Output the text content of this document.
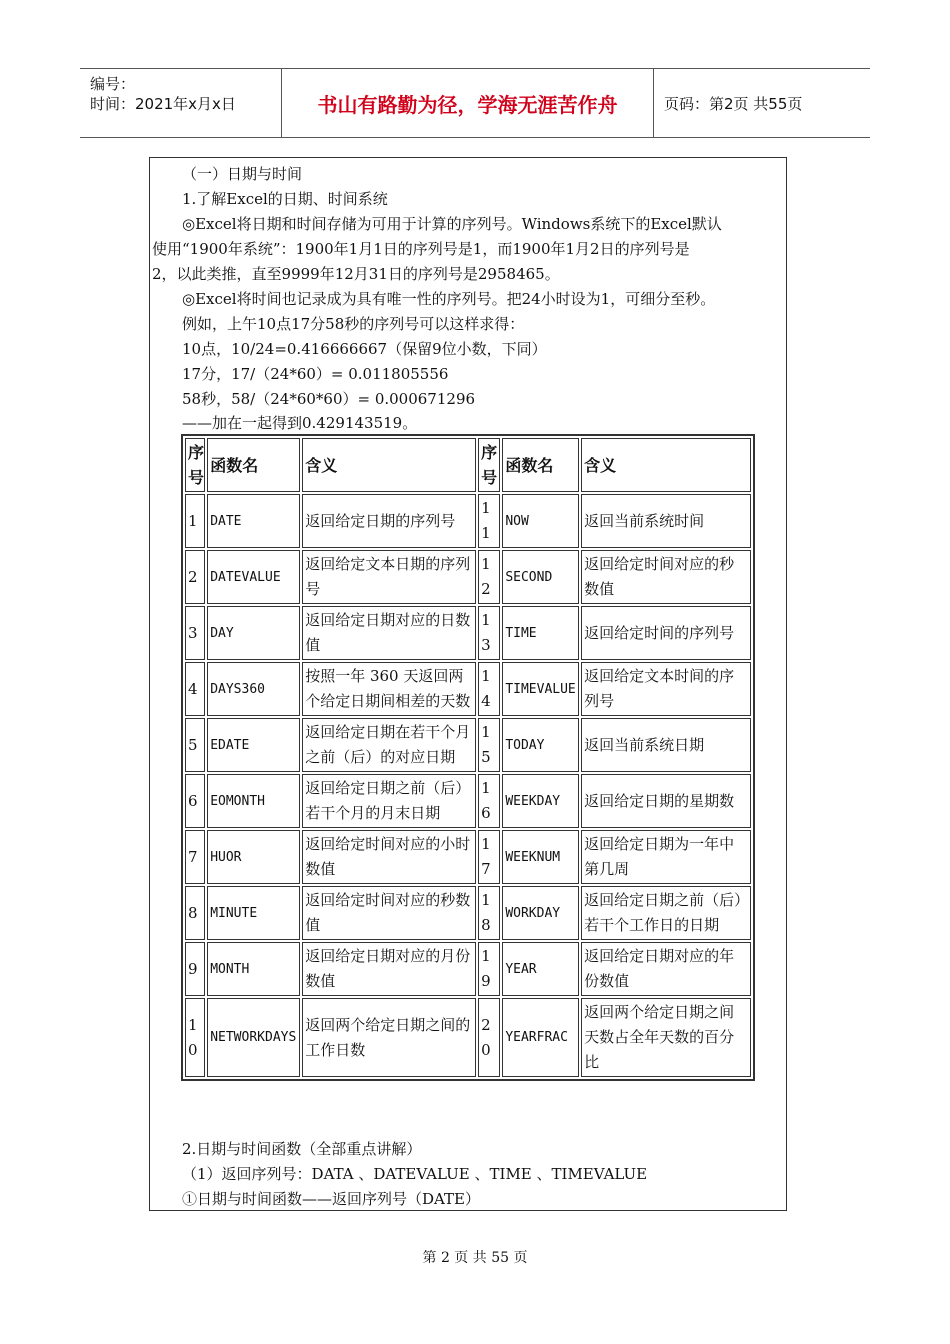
编号：
时间：2021年x月x日	书山有路勤为径，学海无涯苦作舟	页码：第2页 共55页
（一）日期与时间
1.了解Excel的日期、时间系统
◎Excel将日期和时间存储为可用于计算的序列号。Windows系统下的Excel默认
使用“1900年系统”：1900年1月1日的序列号是1，而1900年1月2日的序列号是
2，以此类推，直至9999年12月31日的序列号是2958465。
◎Excel将时间也记录成为具有唯一性的序列号。把24小时设为1，可细分至秒。
例如，上午10点17分58秒的序列号可以这样求得：
10点，10/24=0.416666667（保留9位小数，下同）
17分，17/（24*60）= 0.011805556
58秒，58/（24*60*60）= 0.000671296
——加在一起得到0.429143519。
序号	函数名	含义	序号	函数名	含义
1	DATE	返回给定日期的序列号	11	NOW	返回当前系统时间
2	DATEVALUE	返回给定文本日期的序列号	12	SECOND	返回给定时间对应的秒数值
3	DAY	返回给定日期对应的日数值	13	TIME	返回给定时间的序列号
4	DAYS360	按照一年 360 天返回两个给定日期间相差的天数	14	TIMEVALUE	返回给定文本时间的序列号
5	EDATE	返回给定日期在若干个月之前（后）的对应日期	15	TODAY	返回当前系统日期
6	EOMONTH	返回给定日期之前（后）若干个月的月末日期	16	WEEKDAY	返回给定日期的星期数
7	HUOR	返回给定时间对应的小时数值	17	WEEKNUM	返回给定日期为一年中第几周
8	MINUTE	返回给定时间对应的秒数值	18	WORKDAY	返回给定日期之前（后）若干个工作日的日期
9	MONTH	返回给定日期对应的月份数值	19	YEAR	返回给定日期对应的年份数值
10	NETWORKDAYS	返回两个给定日期之间的工作日数	20	YEARFRAC	返回两个给定日期之间天数占全年天数的百分比
2.日期与时间函数（全部重点讲解）
（1）返回序列号：DATA 、DATEVALUE 、TIME 、TIMEVALUE
①日期与时间函数——返回序列号（DATE）
第 2 页 共 55 页
